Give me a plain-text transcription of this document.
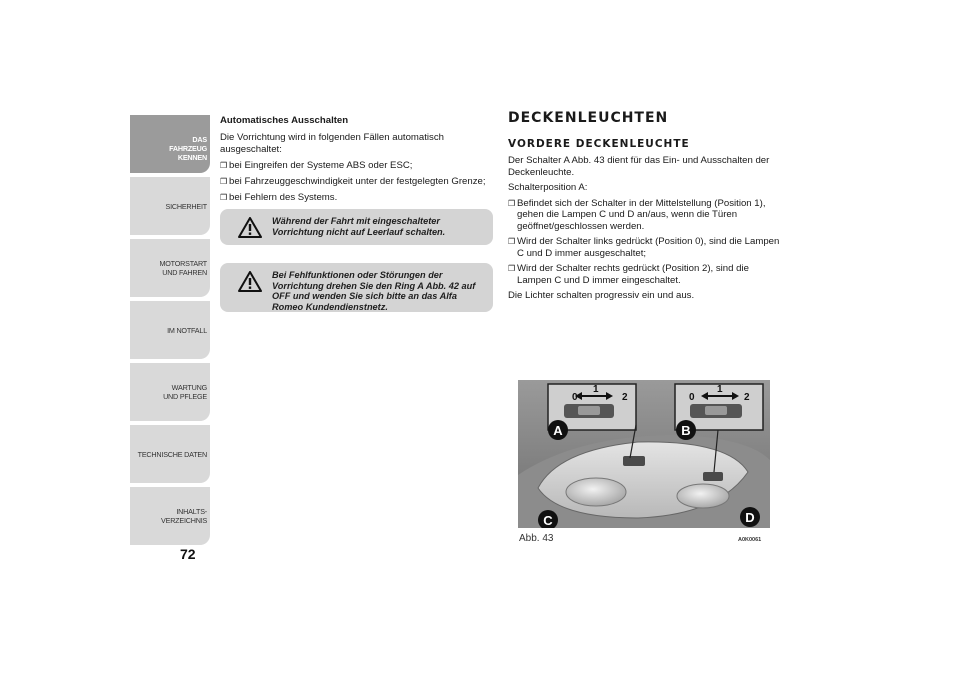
DAS FAHRZEUG KENNEN
SICHERHEIT
MOTORSTART UND FAHREN
IM NOTFALL
WARTUNG UND PFLEGE
TECHNISCHE DATEN
INHALTS-VERZEICHNIS
72
Automatisches Ausschalten
Die Vorrichtung wird in folgenden Fällen automatisch ausgeschaltet:
❒ bei Eingreifen der Systeme ABS oder ESC;
❒ bei Fahrzeuggeschwindigkeit unter der festgelegten Grenze;
❒ bei Fehlern des Systems.
Während der Fahrt mit eingeschalteter Vorrichtung nicht auf Leerlauf schalten.
Bei Fehlfunktionen oder Störungen der Vorrichtung drehen Sie den Ring A Abb. 42 auf OFF und wenden Sie sich bitte an das Alfa Romeo Kundendienstnetz.
DECKENLEUCHTEN
VORDERE DECKENLEUCHTE
Der Schalter A Abb. 43 dient für das Ein- und Ausschalten der Deckenleuchte.
Schalterposition A:
❒ Befindet sich der Schalter in der Mittelstellung (Position 1), gehen die Lampen C und D an/aus, wenn die Türen geöffnet/geschlossen werden.
❒ Wird der Schalter links gedrückt (Position 0), sind die Lampen C und D immer ausgeschaltet;
❒ Wird der Schalter rechts gedrückt (Position 2), sind die Lampen C und D immer eingeschaltet.
Die Lichter schalten progressiv ein und aus.
A	B
C	D
0
1
2	0
1
2
Abb. 43	A0K0061
